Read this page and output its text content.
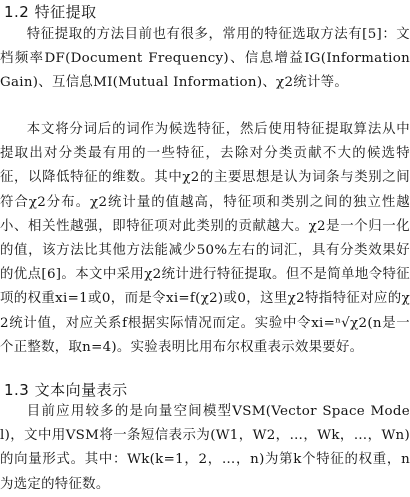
1.2 特征提取

特征提取的方法目前也有很多，常用的特征选取方法有[5]：文档频率DF(Document Frequency)、信息增益IG(Information Gain)、互信息MI(Mutual Information)、χ2统计等。

本文将分词后的词作为候选特征，然后使用特征提取算法从中提取出对分类最有用的一些特征，去除对分类贡献不大的候选特征，以降低特征的维数。其中χ2的主要思想是认为词条与类别之间符合χ2分布。χ2统计量的值越高，特征项和类别之间的独立性越小、相关性越强，即特征项对此类别的贡献越大。χ2是一个归一化的值，该方法比其他方法能减少50%左右的词汇，具有分类效果好的优点[6]。本文中采用χ2统计进行特征提取。但不是简单地令特征项的权重xi=1或0，而是令xi=f(χ2)或0，这里χ2特指特征对应的χ2统计值，对应关系f根据实际情况而定。实验中令xi=ⁿ√χ2(n是一个正整数，取n=4)。实验表明比用布尔权重表示效果要好。

1.3 文本向量表示

目前应用较多的是向量空间模型VSM(Vector Space Model)，文中用VSM将一条短信表示为(W1，W2，…，Wk，…，Wn)的向量形式。其中：Wk(k=1，2，…，n)为第k个特征的权重，n为选定的特征数。
